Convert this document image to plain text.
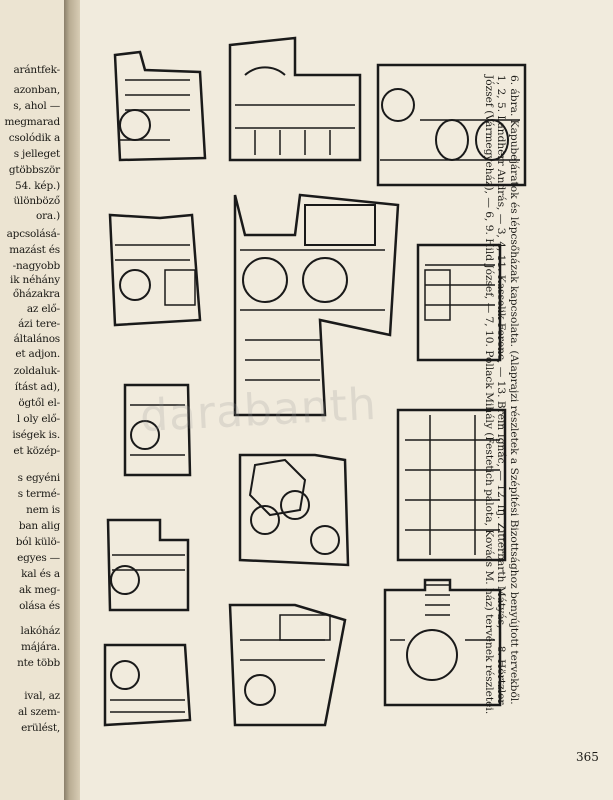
arántfek-
azonban,
s, ahol —
megmarad
csolódik a
s jelleget
gtöbbször
54. kép.)
ülönböző
ora.)
apcsolásá-
mazást és
-nagyobb
ik néhány
őházakra
az elő-
ázi tere-
általános
et adjon.
zoldaluk-
ítást ad),
ögtől el-
l oly elő-
iségek is.
et közép-
s egyéni
s termé-
nem is
ban alig
ból külö-
egyes —
kal és a
ak meg-
olása és
lakóház
májára.
nte több
ival, az
al szem-
erülést,
darabanth	6. ábra. Kapubejáratok és lépcsőházak kapcsolata. (Alaprajzi részletek a Szépítési Bizottsághoz benyújtott tervekből.
1, 2, 5. Landherr András, — 3, 4, 11. Kasselik Ferenc, — 13. Brein Ignác, — 12. Ifj. Zitterbarth Mátyás, — 8. Hörtzler
József (Vármegyeház), — 6, 9. Hild József, — 7, 10. Pollack Mihály (Festetich palota, Kovács M. ház) tervének részletei.
365
